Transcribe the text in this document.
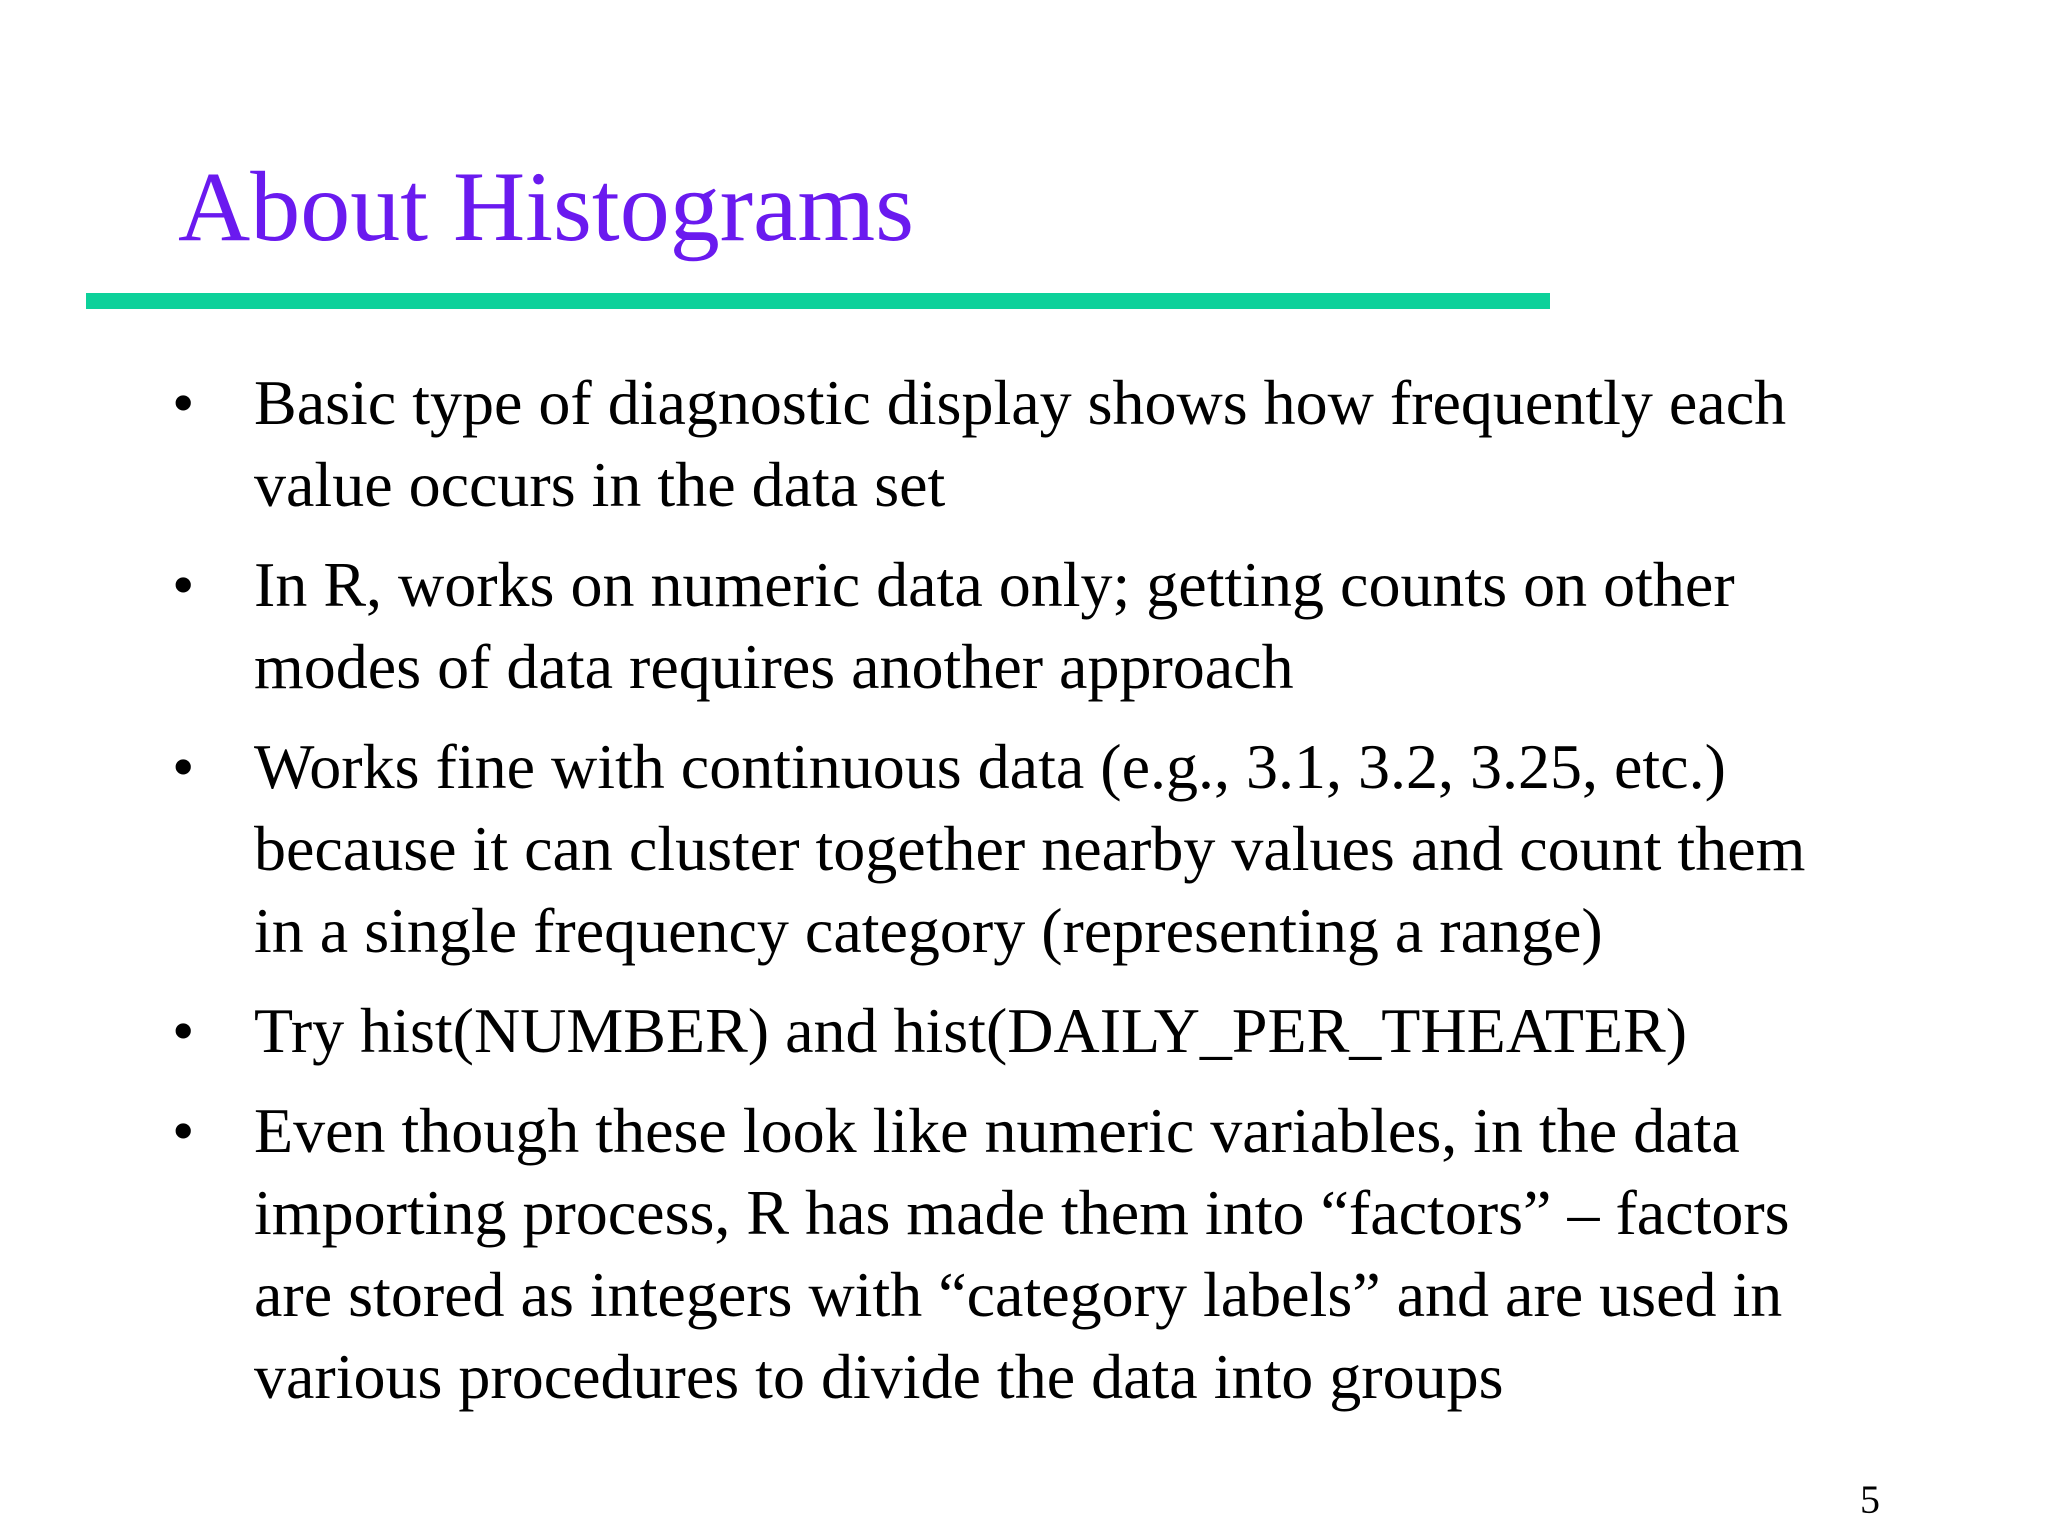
About Histograms
• Basic type of diagnostic display shows how frequently each
value occurs in the data set
• In R, works on numeric data only; getting counts on other
modes of data requires another approach
• Works fine with continuous data (e.g., 3.1, 3.2, 3.25, etc.)
because it can cluster together nearby values and count them
in a single frequency category (representing a range)
• Try hist(NUMBER) and hist(DAILY_PER_THEATER)
• Even though these look like numeric variables, in the data
importing process, R has made them into “factors” – factors
are stored as integers with “category labels” and are used in
various procedures to divide the data into groups
5
